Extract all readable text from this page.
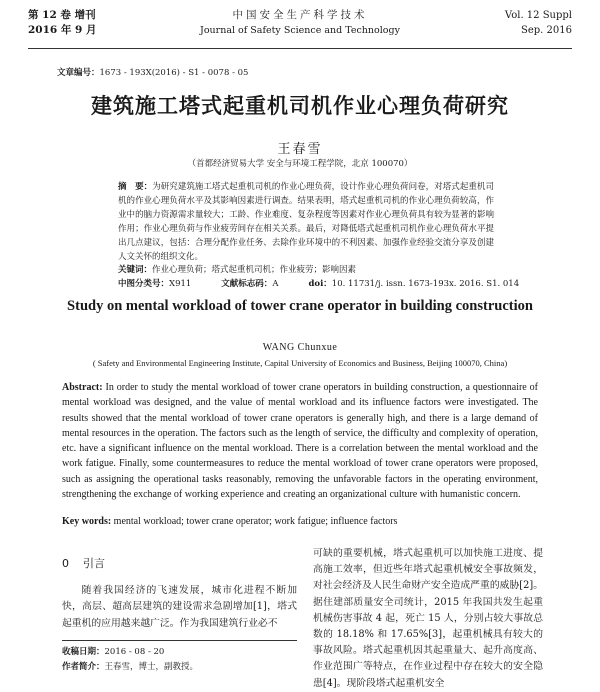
第 12 卷 增刊

2016 年 9 月

中国安全生产科学技术

Journal of Safety Science and Technology

Vol. 12 Suppl

Sep. 2016

文章编号：1673 - 193X(2016) - S1 - 0078 - 05
建筑施工塔式起重机司机作业心理负荷研究
王春雪
（首都经济贸易大学 安全与环境工程学院，北京 100070）
摘　要：为研究建筑施工塔式起重机司机的作业心理负荷，设计作业心理负荷问卷，对塔式起重机司机的作业心理负荷水平及其影响因素进行调查。结果表明，塔式起重机司机的作业心理负荷较高，作业中的脑力资源需求量较大；工龄、作业难度、复杂程度等因素对作业心理负荷具有较为显著的影响作用；作业心理负荷与作业疲劳间存在相关关系。最后，对降低塔式起重机司机作业心理负荷水平提出几点建议，包括：合理分配作业任务、去除作业环境中的不利因素、加强作业经验交流分享及创建人文关怀的组织文化。
关键词：作业心理负荷；塔式起重机司机；作业疲劳；影响因素
中图分类号：X911	文献标志码：A	doi：10. 11731/j. issn. 1673-193x. 2016. S1. 014
Study on mental workload of tower crane operator in building construction
WANG Chunxue
( Safety and Environmental Engineering Institute, Capital University of Economics and Business, Beijing 100070, China)
Abstract: In order to study the mental workload of tower crane operators in building construction, a questionnaire of mental workload was designed, and the value of mental workload and its influence factors were investigated. The results showed that the mental workload of tower crane operators is generally high, and there is a large demand of mental resources in the operation. The factors such as the length of service, the difficulty and complexity of operation, etc. have a significant influence on the mental workload. There is a correlation between the mental workload and the work fatigue. Finally, some countermeasures to reduce the mental workload of tower crane operators were proposed, such as assigning the operational tasks reasonably, removing the unfavorable factors in the operating environment, strengthening the exchange of working experience and creating an organizational culture with humanistic concern.
Key words: mental workload; tower crane operator; work fatigue; influence factors
0 引言
随着我国经济的飞速发展，城市化进程不断加快，高层、超高层建筑的建设需求急剧增加[1]，塔式起重机的应用越来越广泛。作为我国建筑行业必不
可缺的重要机械，塔式起重机可以加快施工进度、提高施工效率，但近些年塔式起重机械安全事故频发，对社会经济及人民生命财产安全造成严重的威胁[2]。据住建部质量安全司统计，2015 年我国共发生起重机械伤害事故 4 起，死亡 15 人，分别占较大事故总数的 18.18% 和 17.65%[3]，起重机械具有较大的事故风险。塔式起重机因其起重量大、起升高度高、作业范围广等特点，在作业过程中存在较大的安全隐患[4]。现阶段塔式起重机安全
收稿日期：2016 - 08 - 20
作者简介：王春雪，博士，副教授。
